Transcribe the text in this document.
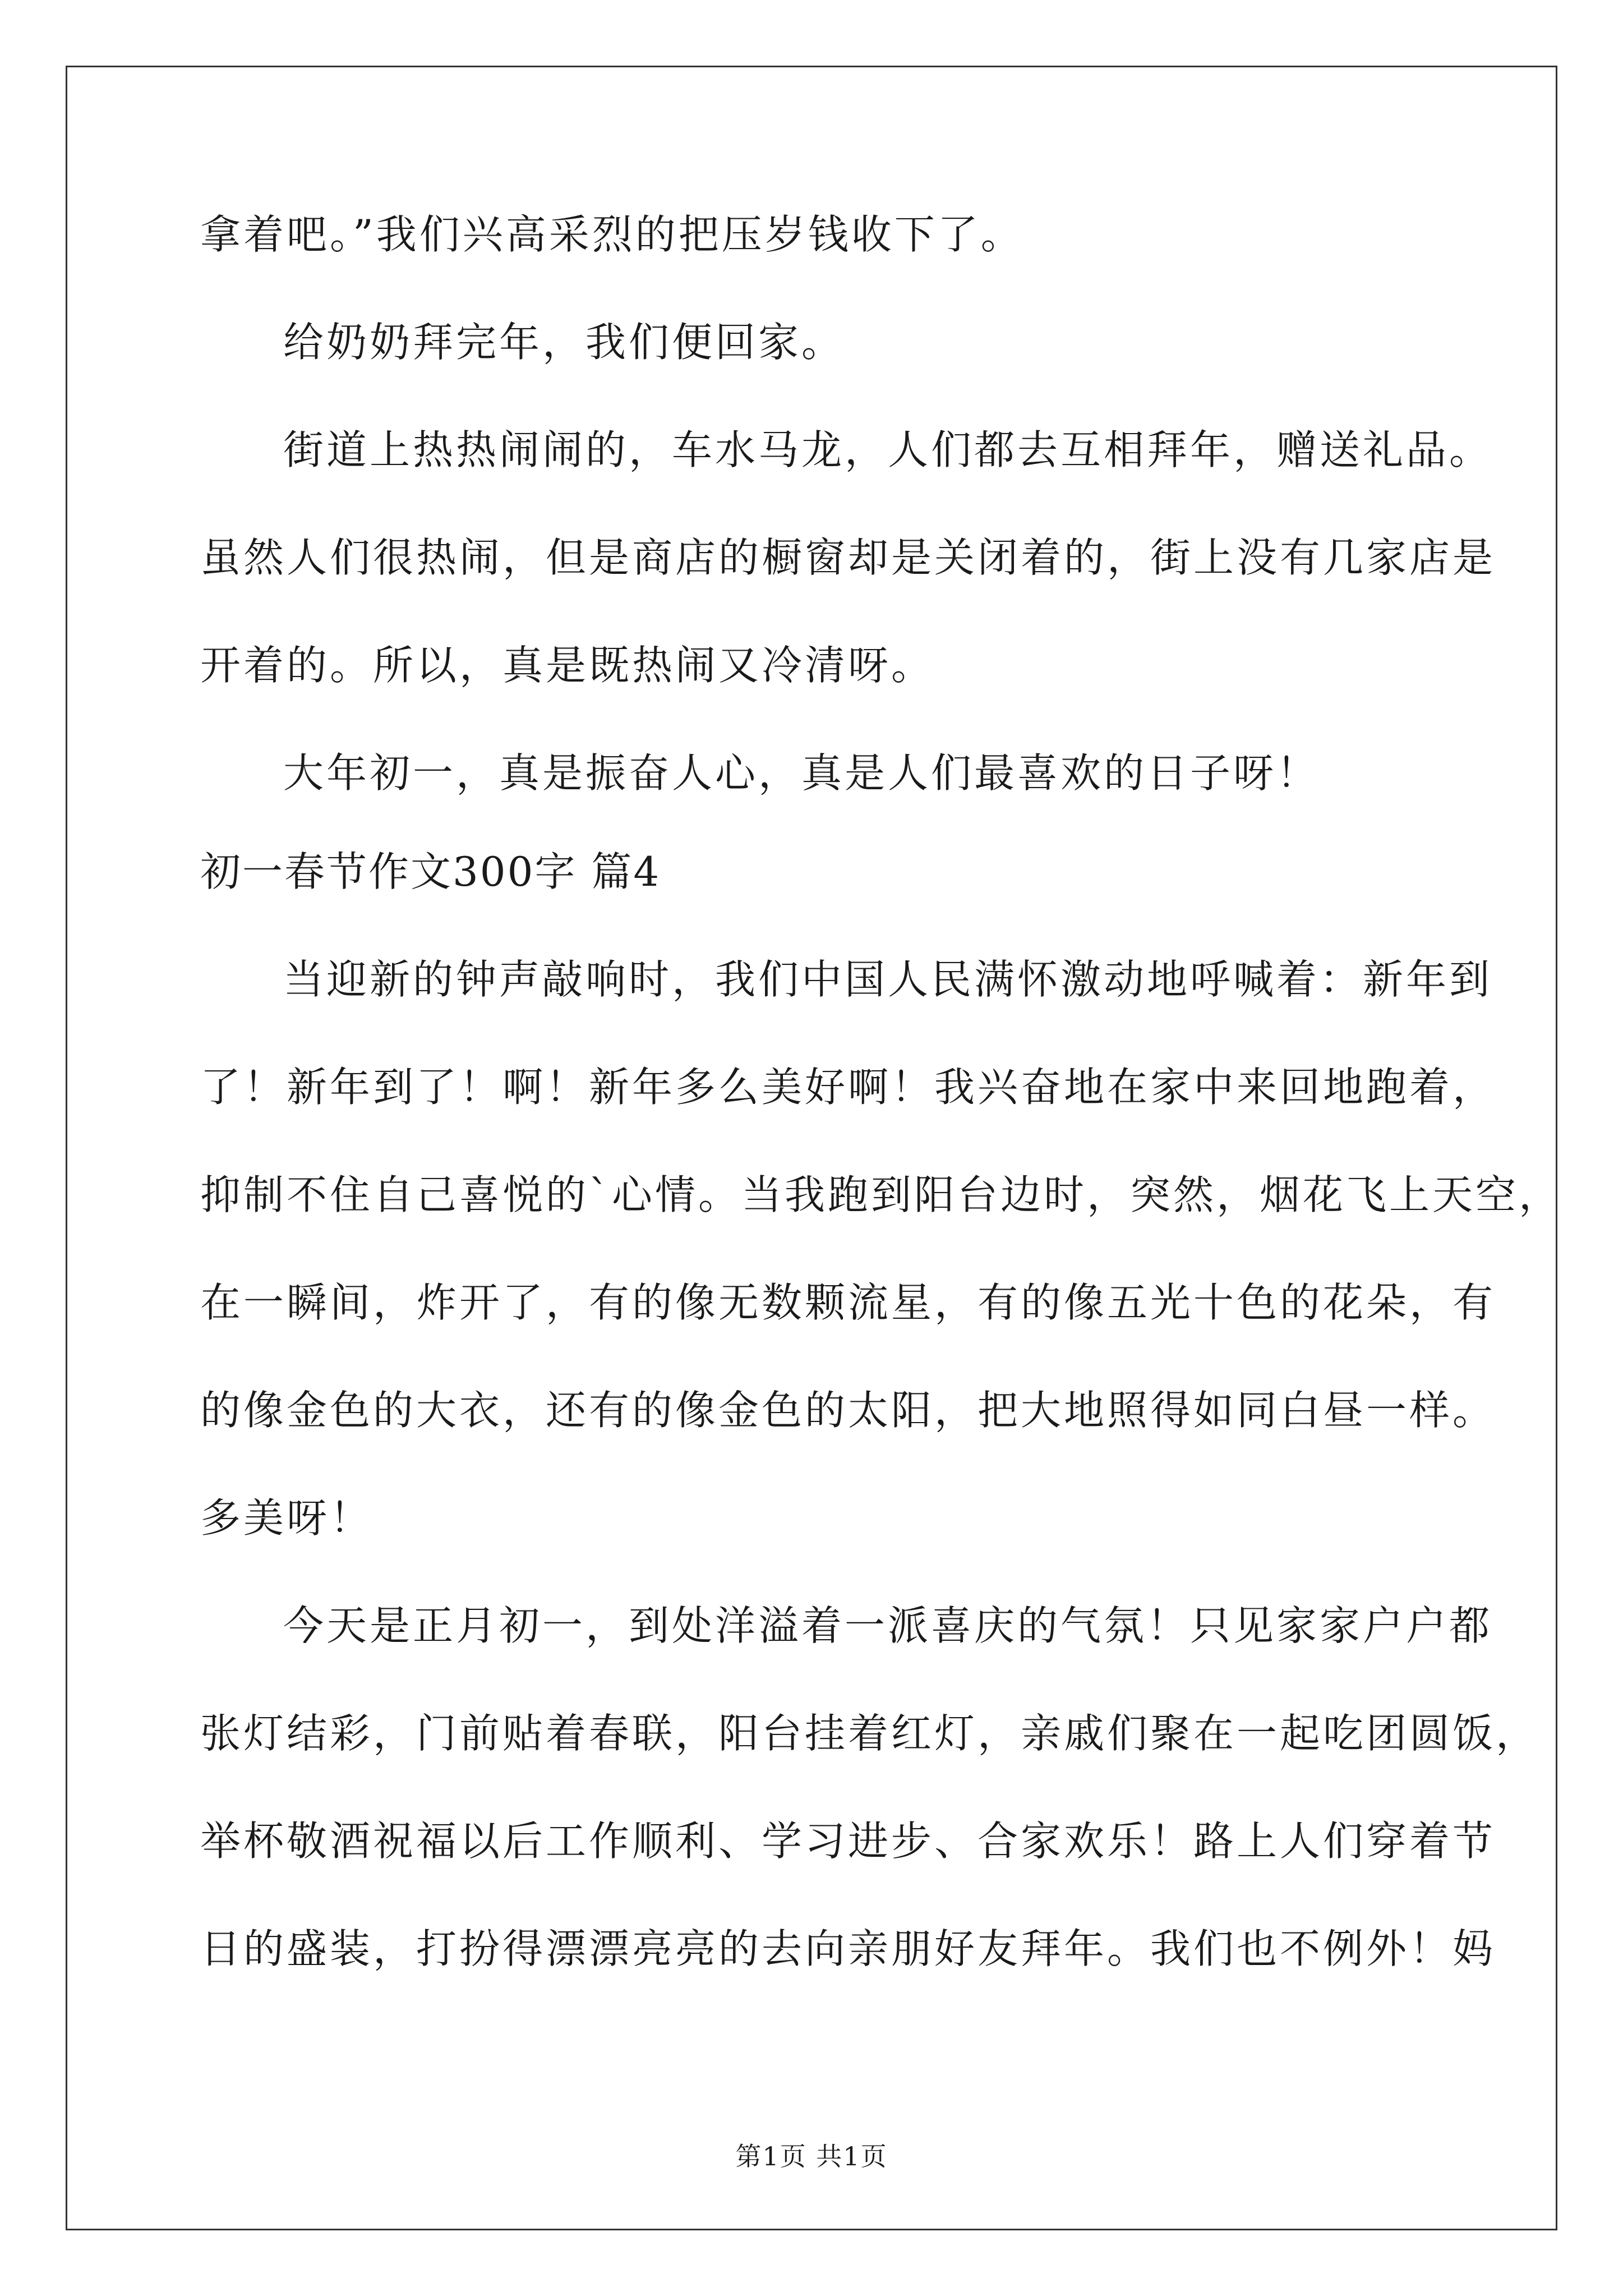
拿着吧。”我们兴高采烈的把压岁钱收下了。

给奶奶拜完年，我们便回家。

街道上热热闹闹的，车水马龙，人们都去互相拜年，赠送礼品。

虽然人们很热闹，但是商店的橱窗却是关闭着的，街上没有几家店是

开着的。所以，真是既热闹又冷清呀。

大年初一，真是振奋人心，真是人们最喜欢的日子呀！

初一春节作文300字 篇4

当迎新的钟声敲响时，我们中国人民满怀激动地呼喊着：新年到

了！新年到了！啊！新年多么美好啊！我兴奋地在家中来回地跑着，

抑制不住自己喜悦的`心情。当我跑到阳台边时，突然，烟花飞上天空，

在一瞬间，炸开了，有的像无数颗流星，有的像五光十色的花朵，有

的像金色的大衣，还有的像金色的太阳，把大地照得如同白昼一样。

多美呀！

今天是正月初一，到处洋溢着一派喜庆的气氛！只见家家户户都

张灯结彩，门前贴着春联，阳台挂着红灯，亲戚们聚在一起吃团圆饭，

举杯敬酒祝福以后工作顺利、学习进步、合家欢乐！路上人们穿着节

日的盛装，打扮得漂漂亮亮的去向亲朋好友拜年。我们也不例外！妈

第1页 共1页
